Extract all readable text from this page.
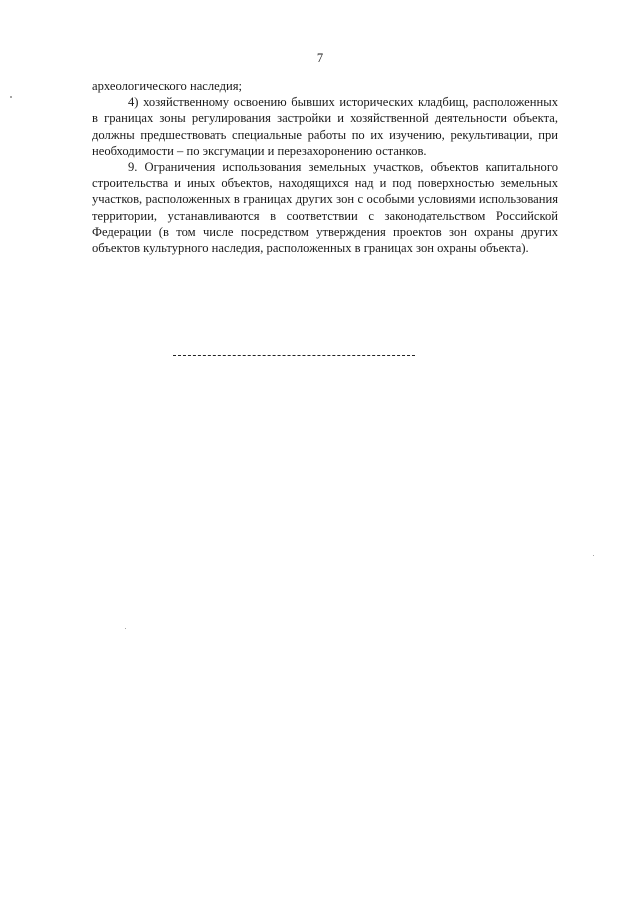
7

археологического наследия;

4) хозяйственному освоению бывших исторических кладбищ, расположенных в границах зоны регулирования застройки и хозяйственной деятельности объекта, должны предшествовать специальные работы по их изучению, рекультивации, при необходимости – по эксгумации и перезахоронению останков.

9. Ограничения использования земельных участков, объектов капитального строительства и иных объектов, находящихся над и под поверхностью земельных участков, расположенных в границах других зон с особыми условиями использования территории, устанавливаются в соответствии с законодательством Российской Федерации (в том числе посредством утверждения проектов зон охраны других объектов культурного наследия, расположенных в границах зон охраны объекта).
